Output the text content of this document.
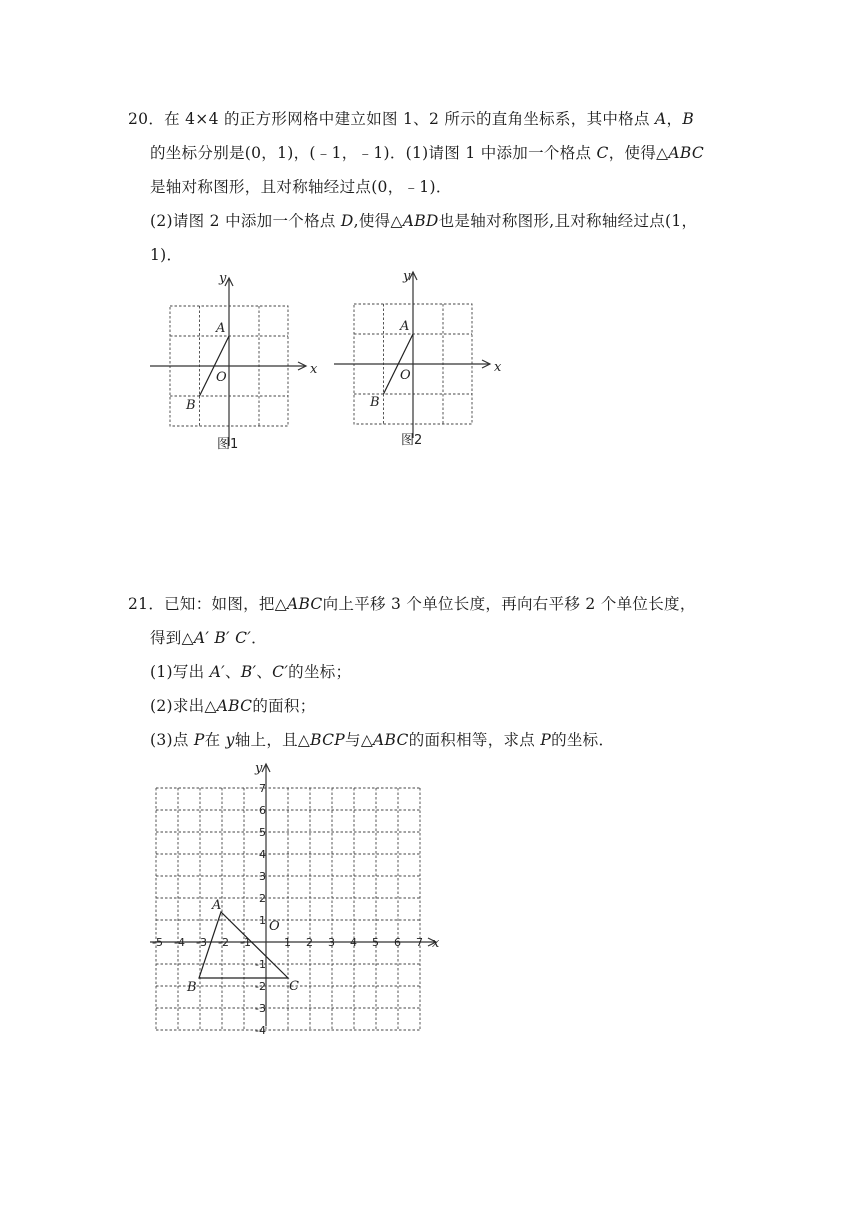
20．在 4×4 的正方形网格中建立如图 1、2 所示的直角坐标系，其中格点 A，B
的坐标分别是(0，1)，(﹣1，﹣1)．(1)请图 1 中添加一个格点 C，使得△ABC
是轴对称图形，且对称轴经过点(0，﹣1)．
(2)请图 2 中添加一个格点 D,使得△ABD也是轴对称图形,且对称轴经过点(1，
1)．
y
x
A
O
B
图1
y
x
A
O
B
图2
21．已知：如图，把△ABC向上平移 3 个单位长度，再向右平移 2 个单位长度，
得到△A′ B′ C′．
(1)写出 A′、B′、C′的坐标；
(2)求出△ABC的面积；
(3)点 P在 y轴上，且△BCP与△ABC的面积相等，求点 P的坐标．
-5 -4 -3 -2 -1	1 2 3 4 5 6 7
7
6
5
4
3
2
1
-1
-2
-3
-4
y
x
A
B	C
O
